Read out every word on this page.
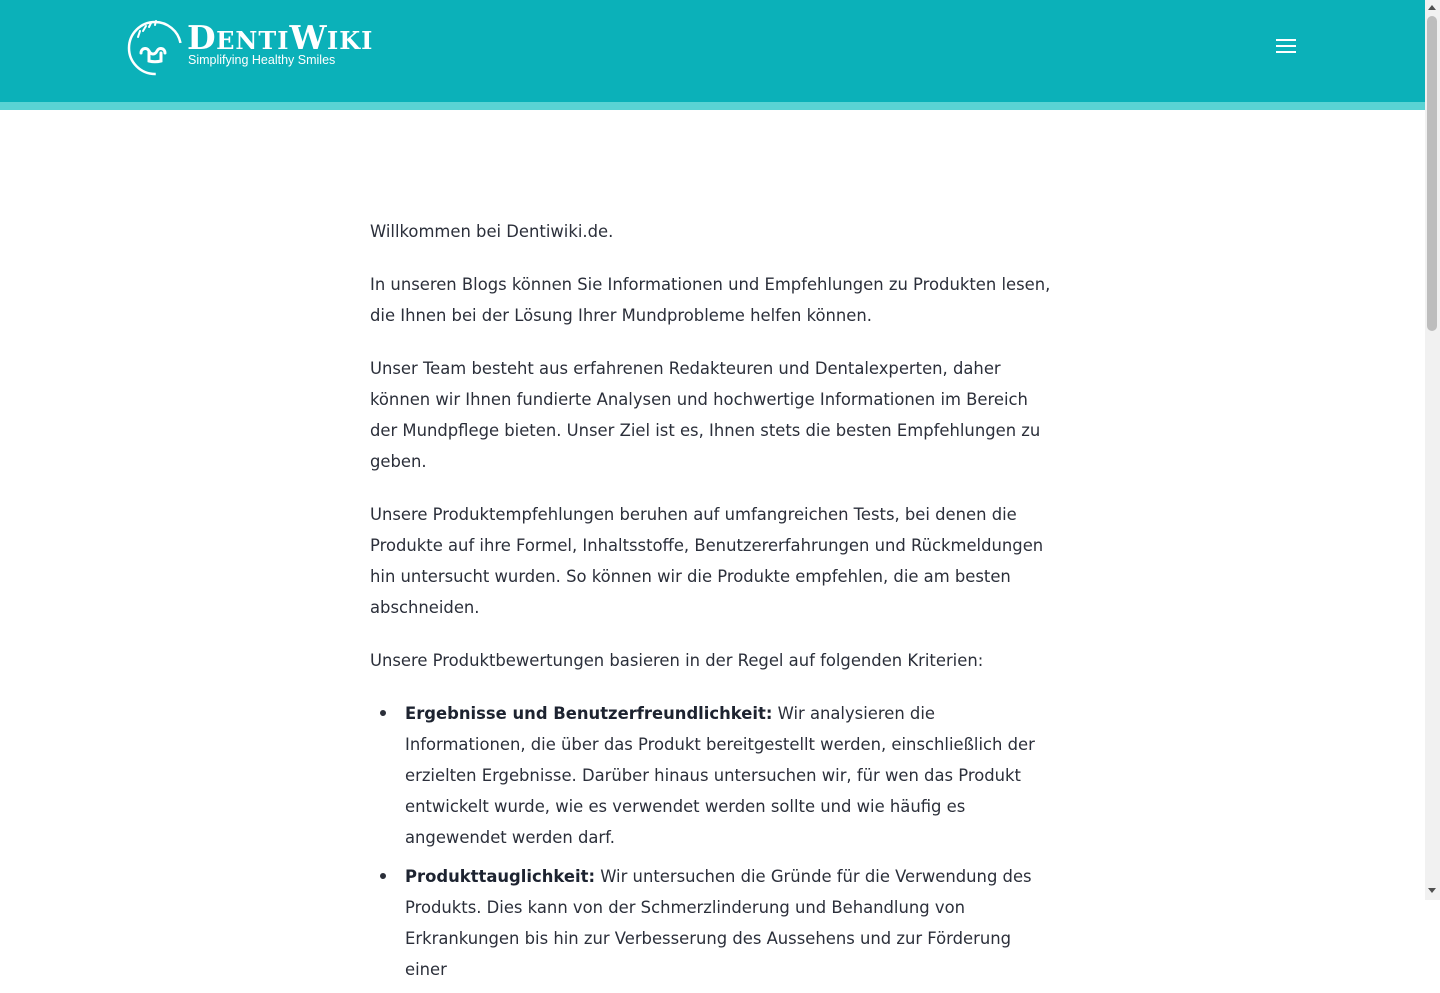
DENTIWIKI
Simplifying Healthy Smiles

Willkommen bei Dentiwiki.de.

In unseren Blogs können Sie Informationen und Empfehlungen zu Produkten lesen, die Ihnen bei der Lösung Ihrer Mundprobleme helfen können.

Unser Team besteht aus erfahrenen Redakteuren und Dentalexperten, daher können wir Ihnen fundierte Analysen und hochwertige Informationen im Bereich der Mundpflege bieten. Unser Ziel ist es, Ihnen stets die besten Empfehlungen zu geben.

Unsere Produktempfehlungen beruhen auf umfangreichen Tests, bei denen die Produkte auf ihre Formel, Inhaltsstoffe, Benutzererfahrungen und Rückmeldungen hin untersucht wurden. So können wir die Produkte empfehlen, die am besten abschneiden.

Unsere Produktbewertungen basieren in der Regel auf folgenden Kriterien:

Ergebnisse und Benutzerfreundlichkeit: Wir analysieren die Informationen, die über das Produkt bereitgestellt werden, einschließlich der erzielten Ergebnisse. Darüber hinaus untersuchen wir, für wen das Produkt entwickelt wurde, wie es verwendet werden sollte und wie häufig es angewendet werden darf.
Produkttauglichkeit: Wir untersuchen die Gründe für die Verwendung des Produkts. Dies kann von der Schmerzlinderung und Behandlung von Erkrankungen bis hin zur Verbesserung des Aussehens und zur Förderung einer
